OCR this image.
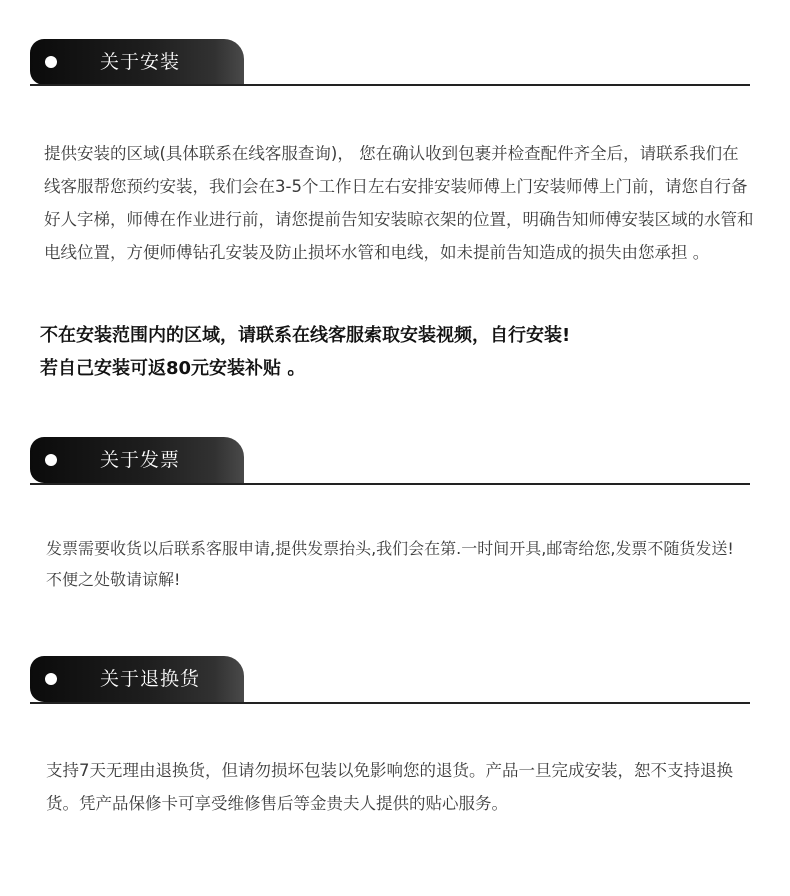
关于安装
提供安装的区域(具体联系在线客服查询)， 您在确认收到包裹并检查配件齐全后，请联系我们在线客服帮您预约安装，我们会在3-5个工作日左右安排安装师傅上门安装师傅上门前，请您自行备好人字梯，师傅在作业进行前，请您提前告知安装晾衣架的位置，明确告知师傅安装区域的水管和电线位置，方便师傅钻孔安装及防止损坏水管和电线，如未提前告知造成的损失由您承担 。
不在安装范围内的区域，请联系在线客服索取安装视频，自行安装!
若自己安装可返80元安装补贴 。
关于发票
发票需要收货以后联系客服申请,提供发票抬头,我们会在第.一时间开具,邮寄给您,发票不随货发送!不便之处敬请谅解!
关于退换货
支持7天无理由退换货，但请勿损坏包装以免影响您的退货。产品一旦完成安装，恕不支持退换货。凭产品保修卡可享受维修售后等金贵夫人提供的贴心服务。
